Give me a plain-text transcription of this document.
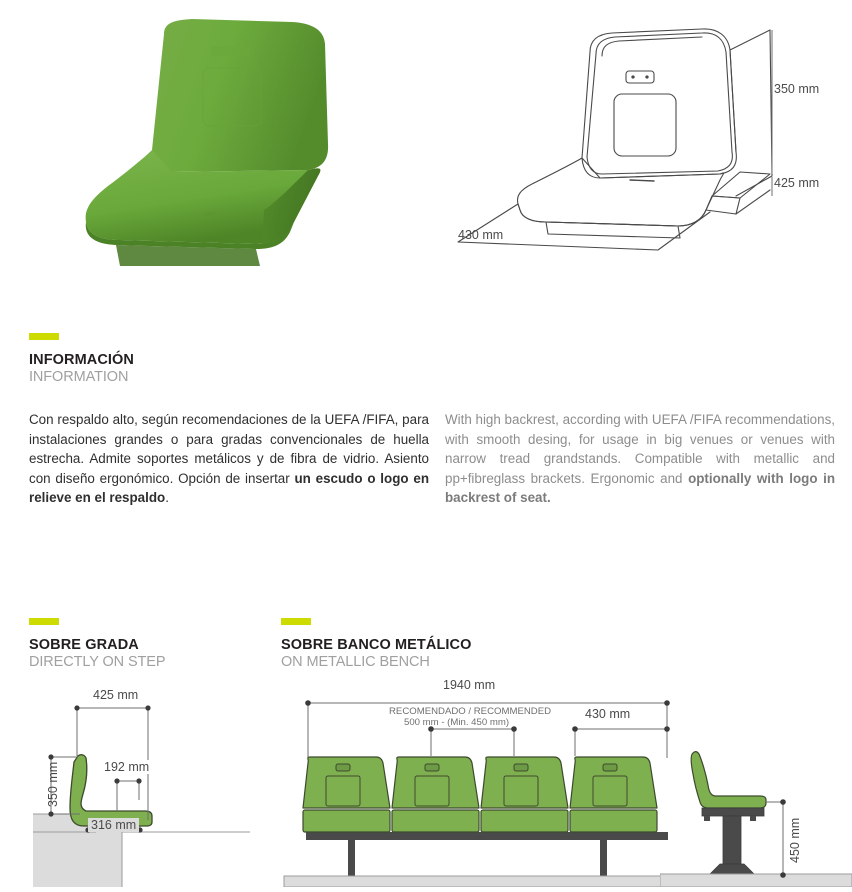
350 mm
425 mm
430 mm
INFORMACIÓN
INFORMATION
Con respaldo alto, según recomendaciones de la UEFA /FIFA, para instalaciones grandes o para gradas convencionales de huella estrecha. Admite soportes metálicos y de fibra de vidrio. Asiento con diseño ergonómico. Opción de insertar un escudo o logo en relieve en el respaldo.
With high backrest, according with UEFA /FIFA recommendations, with smooth desing, for usage in big venues or venues with narrow tread grandstands. Compatible with metallic and pp+fibreglass brackets. Ergonomic and optionally with logo in backrest of seat.
SOBRE GRADA
DIRECTLY ON STEP
425 mm
350 mm	192 mm
316 mm
SOBRE BANCO METÁLICO
ON METALLIC BENCH
1940 mm
RECOMENDADO / RECOMMENDED
500 mm - (Min. 450 mm)
430 mm
450 mm
